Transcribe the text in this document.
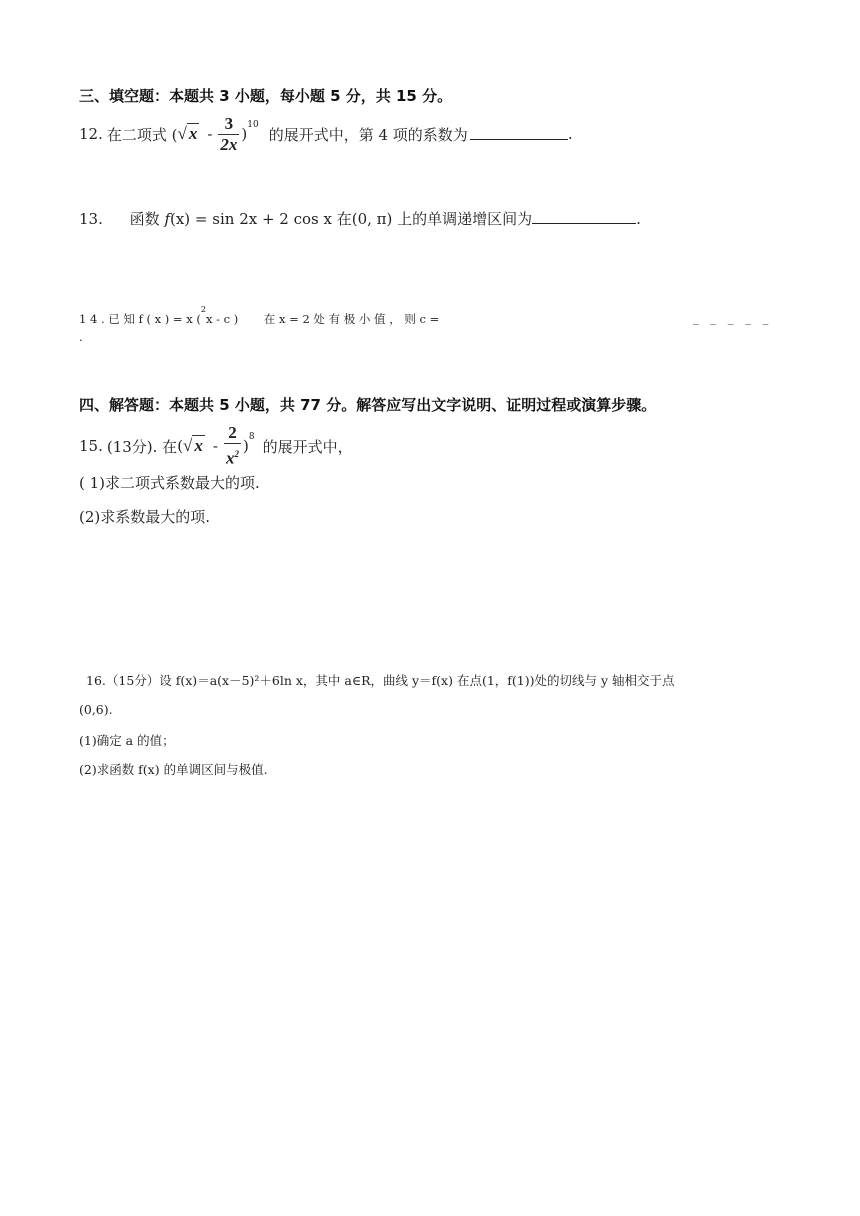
三、填空题：本题共 3 小题，每小题 5 分，共 15 分。
12. 在二项式 ( √ x - $\frac{3}{2x} )^{10}$
的展开式中，第 4 项的系数为	.
13. 函数 f(x) = sin 2x + 2 cos x 在(0, π) 上的单调递增区间为	.
1 4 . 已 知 f ( x ) = x ($^2$x - c ) 在 x = 2 处 有 极 小 值 ， 则 c =	_ _ _ _ _
.
四、解答题：本题共 5 小题，共 77 分。解答应写出文字说明、证明过程或演算步骤。
15. (13分). 在 ( √ x - $\frac{2}{x^2} )^8$
的展开式中，
( 1)求二项式系数最大的项.
(2)求系数最大的项.
16.（15分）设 f(x)＝a(x－5)²＋6ln x，其中 a∈R，曲线 y＝f(x) 在点(1，f(1))处的切线与 y 轴相交于点
(0,6).
(1)确定 a 的值；
(2)求函数 f(x) 的单调区间与极值.
